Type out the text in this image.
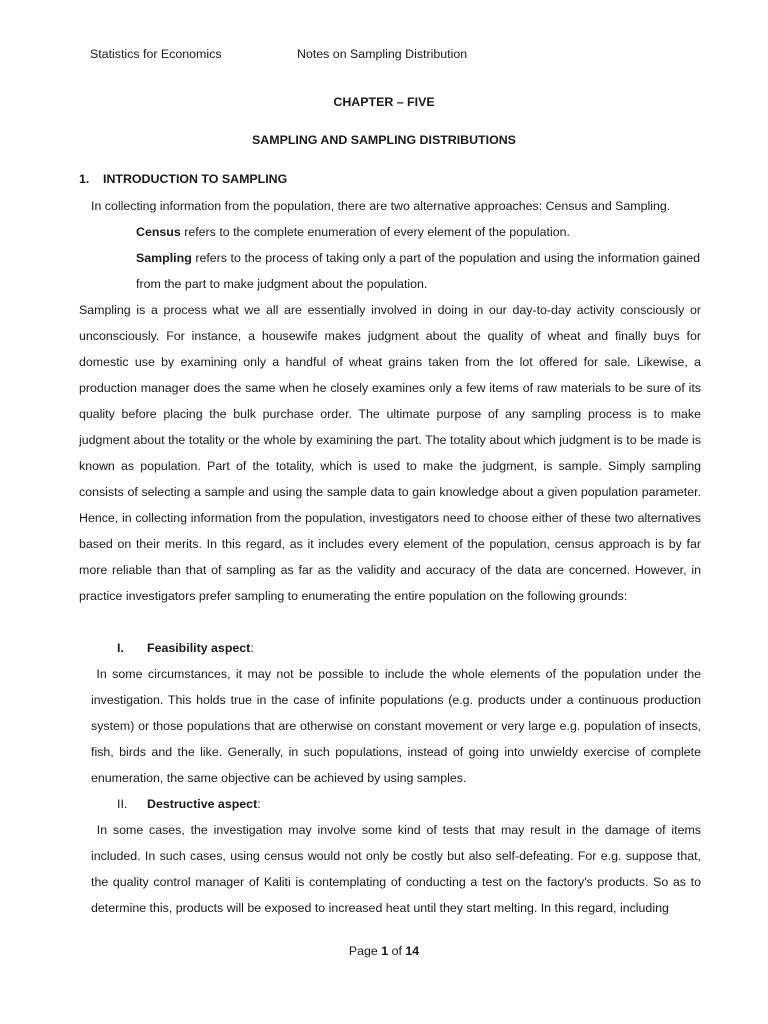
Statistics for Economics	Notes on Sampling Distribution
CHAPTER – FIVE
SAMPLING AND SAMPLING DISTRIBUTIONS
1. INTRODUCTION TO SAMPLING
In collecting information from the population, there are two alternative approaches: Census and Sampling.
Census refers to the complete enumeration of every element of the population.
Sampling refers to the process of taking only a part of the population and using the information gained from the part to make judgment about the population.
Sampling is a process what we all are essentially involved in doing in our day-to-day activity consciously or unconsciously. For instance, a housewife makes judgment about the quality of wheat and finally buys for domestic use by examining only a handful of wheat grains taken from the lot offered for sale. Likewise, a production manager does the same when he closely examines only a few items of raw materials to be sure of its quality before placing the bulk purchase order. The ultimate purpose of any sampling process is to make judgment about the totality or the whole by examining the part. The totality about which judgment is to be made is known as population. Part of the totality, which is used to make the judgment, is sample. Simply sampling consists of selecting a sample and using the sample data to gain knowledge about a given population parameter. Hence, in collecting information from the population, investigators need to choose either of these two alternatives based on their merits. In this regard, as it includes every element of the population, census approach is by far more reliable than that of sampling as far as the validity and accuracy of the data are concerned. However, in practice investigators prefer sampling to enumerating the entire population on the following grounds:
I. Feasibility aspect:
In some circumstances, it may not be possible to include the whole elements of the population under the investigation. This holds true in the case of infinite populations (e.g. products under a continuous production system) or those populations that are otherwise on constant movement or very large e.g. population of insects, fish, birds and the like. Generally, in such populations, instead of going into unwieldy exercise of complete enumeration, the same objective can be achieved by using samples.
II. Destructive aspect:
In some cases, the investigation may involve some kind of tests that may result in the damage of items included. In such cases, using census would not only be costly but also self-defeating. For e.g. suppose that, the quality control manager of Kaliti is contemplating of conducting a test on the factory's products. So as to determine this, products will be exposed to increased heat until they start melting. In this regard, including
Page 1 of 14
